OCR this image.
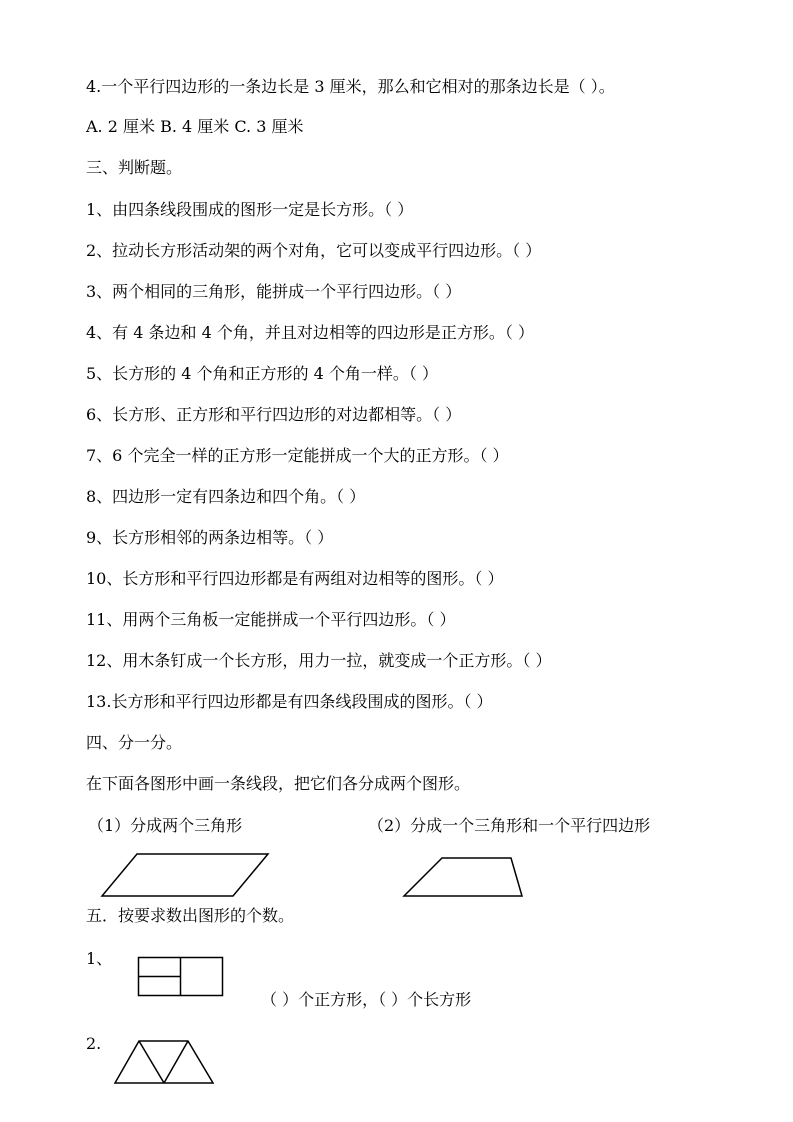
4.一个平行四边形的一条边长是 3 厘米，那么和它相对的那条边长是（ ）。
A. 2 厘米 B. 4 厘米 C. 3 厘米
三、判断题。
1、由四条线段围成的图形一定是长方形。（ ）
2、拉动长方形活动架的两个对角，它可以变成平行四边形。（ ）
3、两个相同的三角形，能拼成一个平行四边形。（ ）
4、有 4 条边和 4 个角，并且对边相等的四边形是正方形。（ ）
5、长方形的 4 个角和正方形的 4 个角一样。（ ）
6、长方形、正方形和平行四边形的对边都相等。（ ）
7、6 个完全一样的正方形一定能拼成一个大的正方形。（ ）
8、四边形一定有四条边和四个角。（ ）
9、长方形相邻的两条边相等。（ ）
10、长方形和平行四边形都是有两组对边相等的图形。（ ）
11、用两个三角板一定能拼成一个平行四边形。（ ）
12、用木条钉成一个长方形，用力一拉，就变成一个正方形。（ ）
13.长方形和平行四边形都是有四条线段围成的图形。（ ）
四、分一分。
在下面各图形中画一条线段，把它们各分成两个图形。
（1）分成两个三角形	（2）分成一个三角形和一个平行四边形
五．按要求数出图形的个数。
1、
（ ）个正方形，（ ）个长方形
2.
